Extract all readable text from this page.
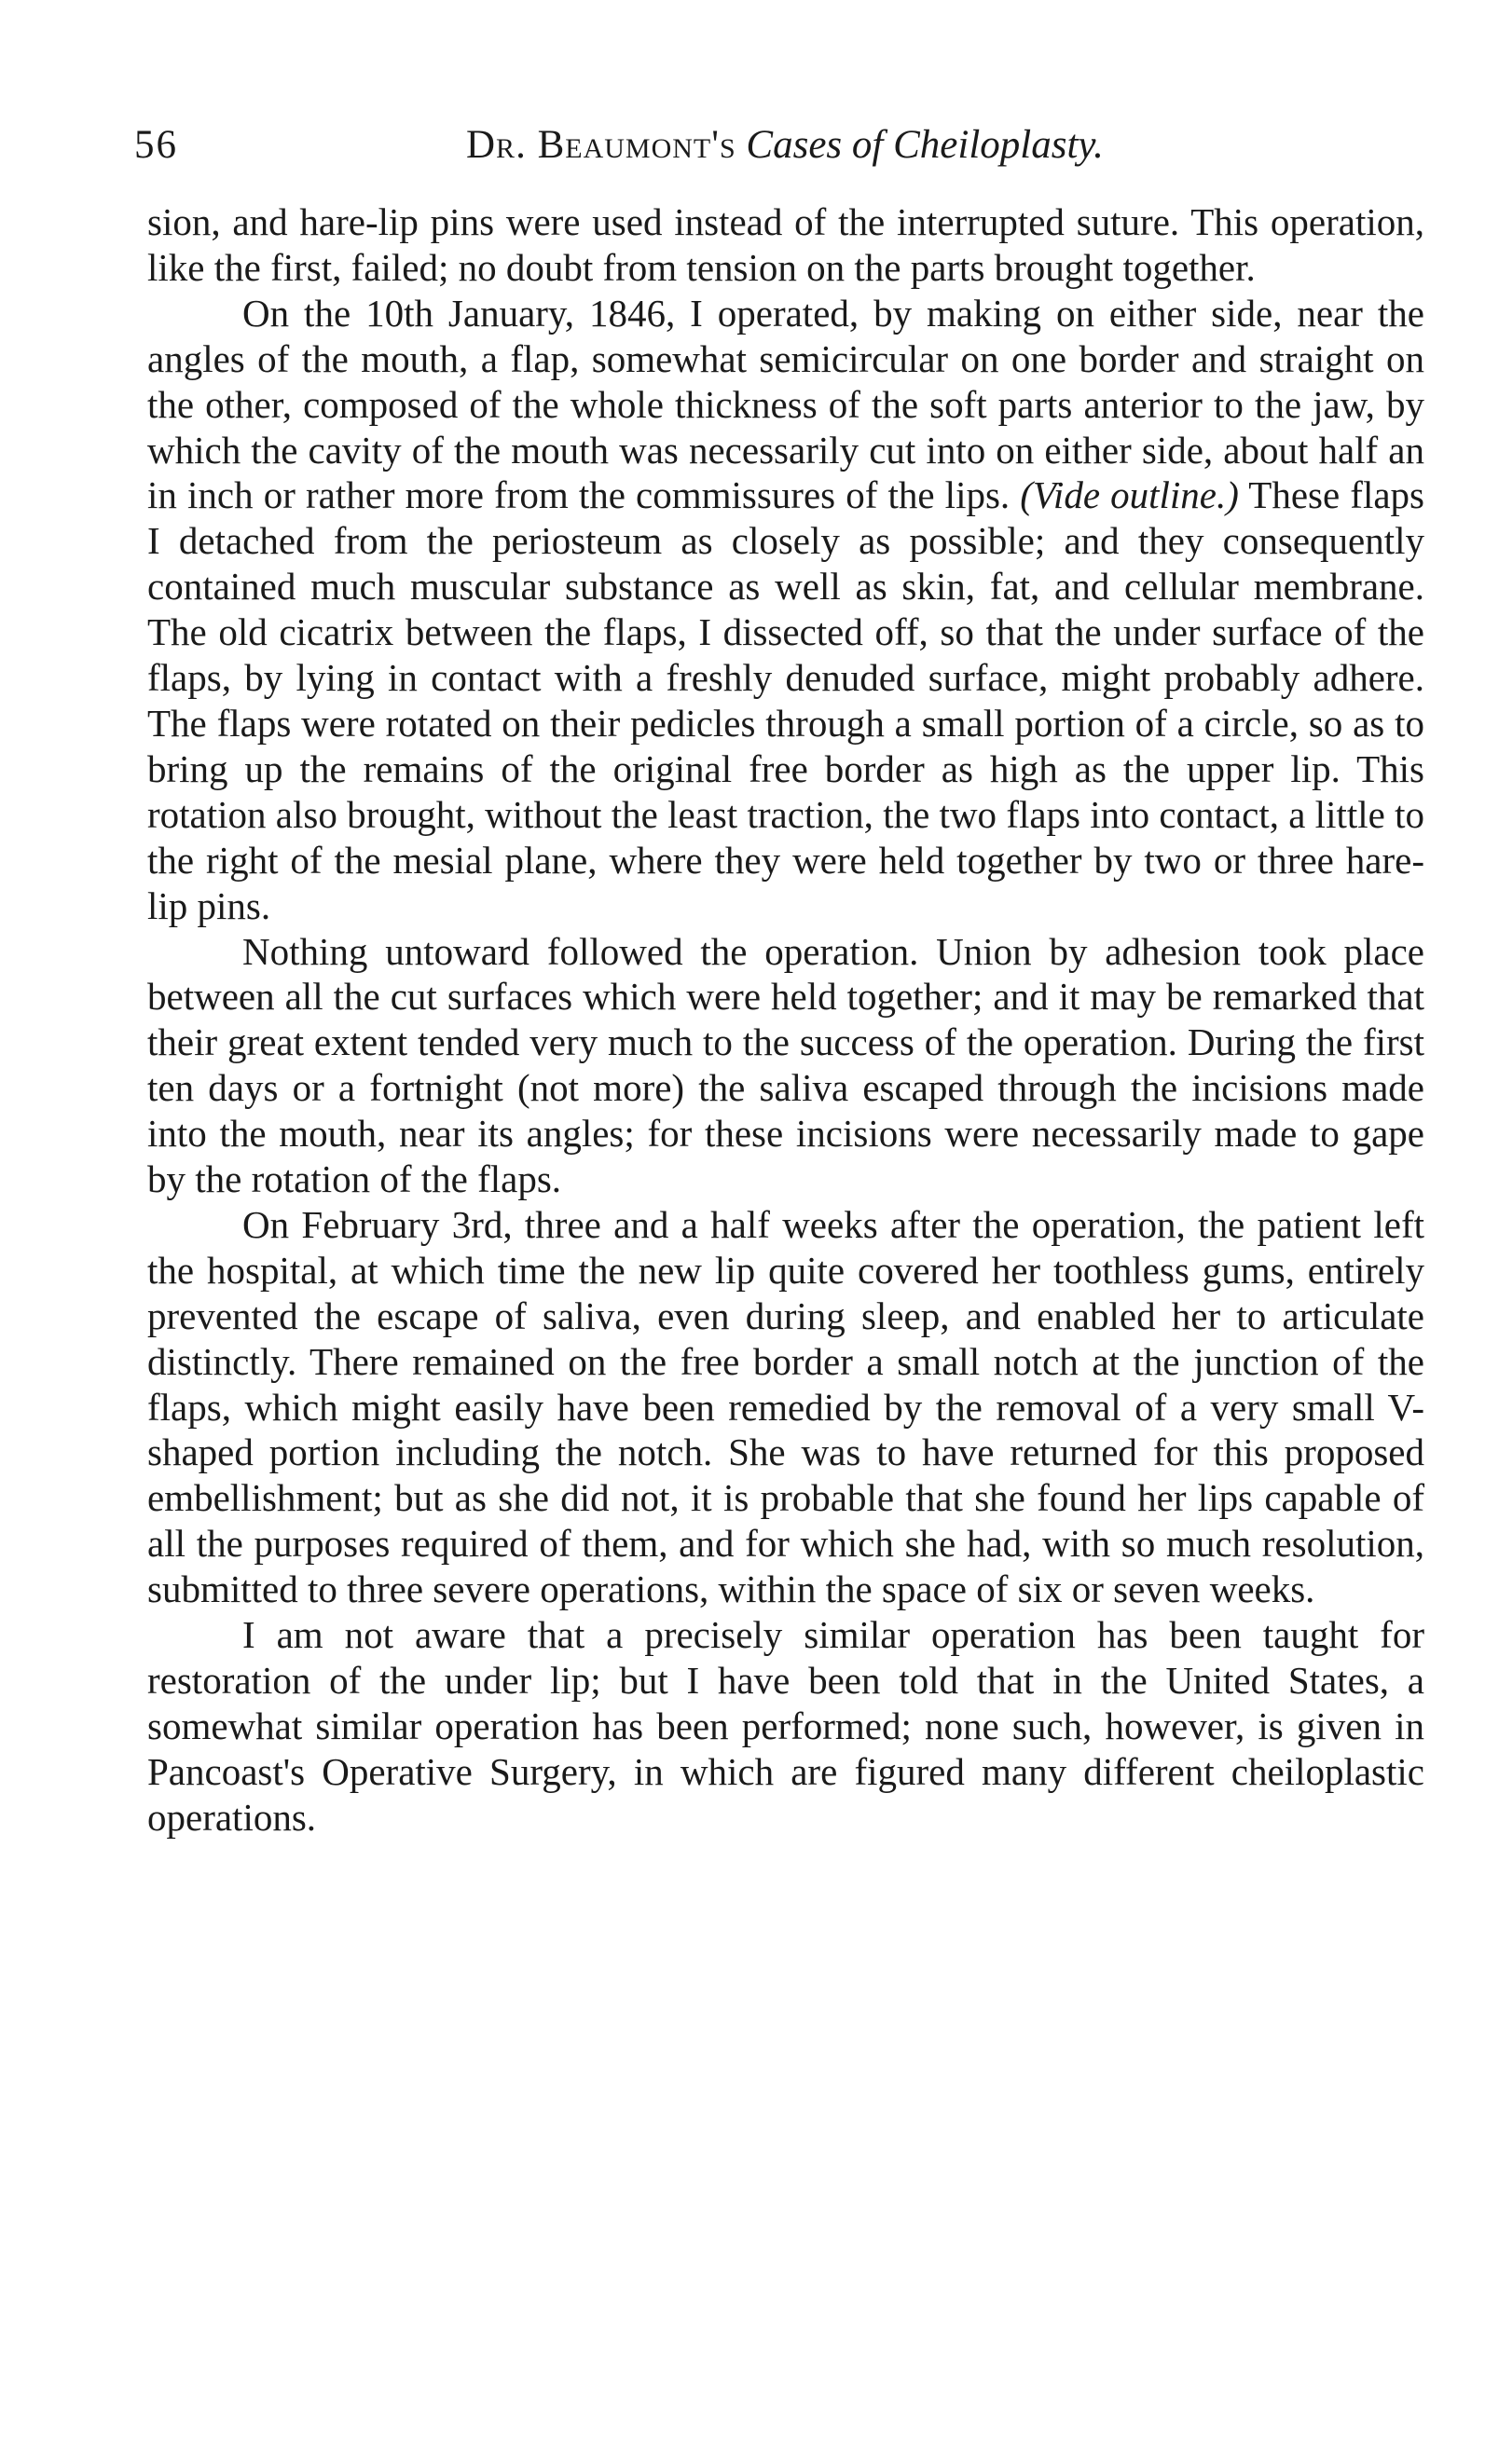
56	Dr. Beaumont's Cases of Cheiloplasty.

sion, and hare-lip pins were used instead of the interrupted suture. This operation, like the first, failed; no doubt from tension on the parts brought together.

On the 10th January, 1846, I operated, by making on either side, near the angles of the mouth, a flap, somewhat semicircular on one border and straight on the other, composed of the whole thickness of the soft parts anterior to the jaw, by which the cavity of the mouth was necessarily cut into on either side, about half an in inch or rather more from the commissures of the lips. (Vide outline.) These flaps I detached from the periosteum as closely as possible; and they consequently contained much muscular substance as well as skin, fat, and cellular membrane. The old cicatrix between the flaps, I dissected off, so that the under surface of the flaps, by lying in contact with a freshly denuded surface, might probably adhere. The flaps were rotated on their pedicles through a small portion of a circle, so as to bring up the remains of the original free border as high as the upper lip. This rotation also brought, without the least traction, the two flaps into contact, a little to the right of the mesial plane, where they were held together by two or three hare-lip pins.

Nothing untoward followed the operation. Union by adhesion took place between all the cut surfaces which were held together; and it may be remarked that their great extent tended very much to the success of the operation. During the first ten days or a fortnight (not more) the saliva escaped through the incisions made into the mouth, near its angles; for these incisions were necessarily made to gape by the rotation of the flaps.

On February 3rd, three and a half weeks after the operation, the patient left the hospital, at which time the new lip quite covered her toothless gums, entirely prevented the escape of saliva, even during sleep, and enabled her to articulate distinctly. There remained on the free border a small notch at the junction of the flaps, which might easily have been remedied by the removal of a very small V-shaped portion including the notch. She was to have returned for this proposed embellishment; but as she did not, it is probable that she found her lips capable of all the purposes required of them, and for which she had, with so much resolution, submitted to three severe operations, within the space of six or seven weeks.

I am not aware that a precisely similar operation has been taught for restoration of the under lip; but I have been told that in the United States, a somewhat similar operation has been performed; none such, however, is given in Pancoast's Operative Surgery, in which are figured many different cheiloplastic operations.
